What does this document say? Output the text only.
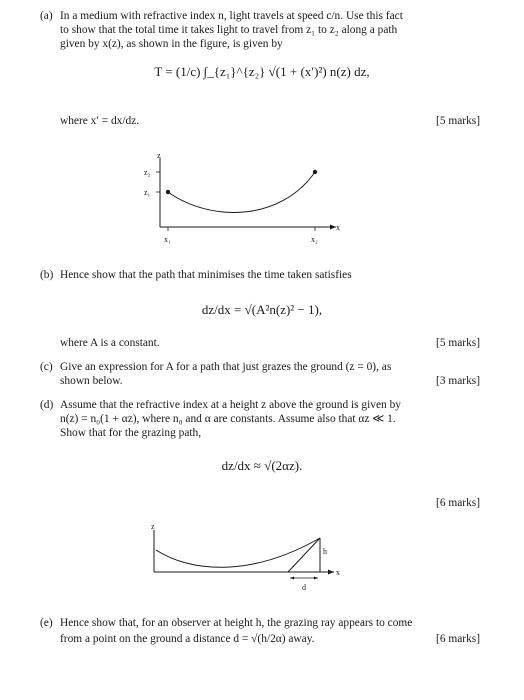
(a) In a medium with refractive index n, light travels at speed c/n. Use this fact
to show that the total time it takes light to travel from z₁ to z₂ along a path
given by x(z), as shown in the figure, is given by
T = (1/c) ∫_{z₁}^{z₂} √(1 + (x′)²) n(z) dz,
where x′ = dx/dz.	[5 marks]
z
z₂
z₁
x₁	x₂
(b) Hence show that the path that minimises the time taken satisfies
dz/dx = √(A²n(z)² − 1),
where A is a constant.	[5 marks]
(c) Give an expression for A for a path that just grazes the ground (z = 0), as
shown below.	[3 marks]
(d) Assume that the refractive index at a height z above the ground is given by
n(z) = n₀(1 + αz), where n₀ and α are constants. Assume also that αz ≪ 1.
Show that for the grazing path,
dz/dx ≈ √(2αz).
[6 marks]
z
x
h
d
x
(e) Hence show that, for an observer at height h, the grazing ray appears to come
from a point on the ground a distance d = √(h/2α) away.	[6 marks]
